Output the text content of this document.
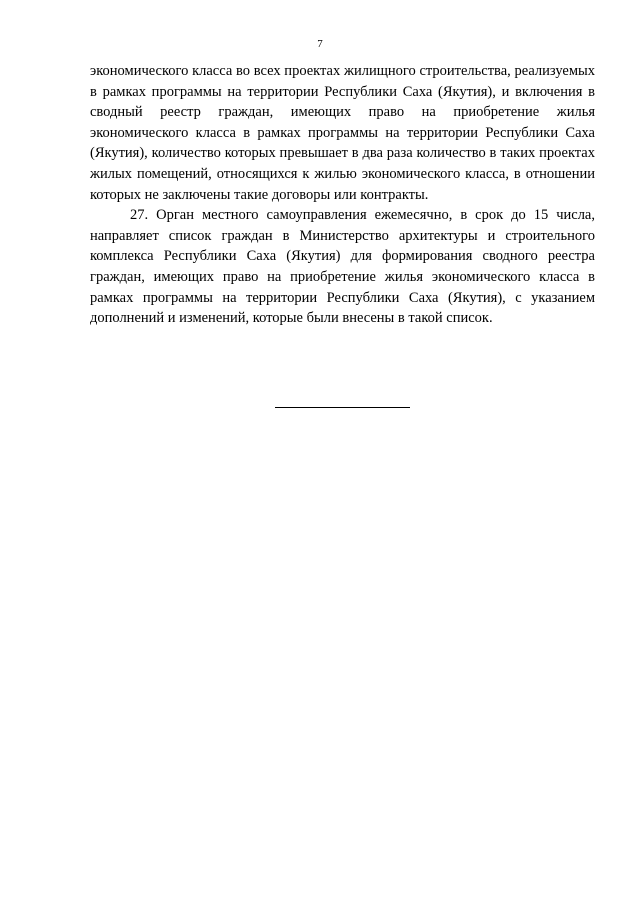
7

экономического класса во всех проектах жилищного строительства, реализуемых в рамках программы на территории Республики Саха (Якутия), и включения в сводный реестр граждан, имеющих право на приобретение жилья экономического класса в рамках программы на территории Республики Саха (Якутия), количество которых превышает в два раза количество в таких проектах жилых помещений, относящихся к жилью экономического класса, в отношении которых не заключены такие договоры или контракты.

27. Орган местного самоуправления ежемесячно, в срок до 15 числа, направляет список граждан в Министерство архитектуры и строительного комплекса Республики Саха (Якутия) для формирования сводного реестра граждан, имеющих право на приобретение жилья экономического класса в рамках программы на территории Республики Саха (Якутия), с указанием дополнений и изменений, которые были внесены в такой список.
